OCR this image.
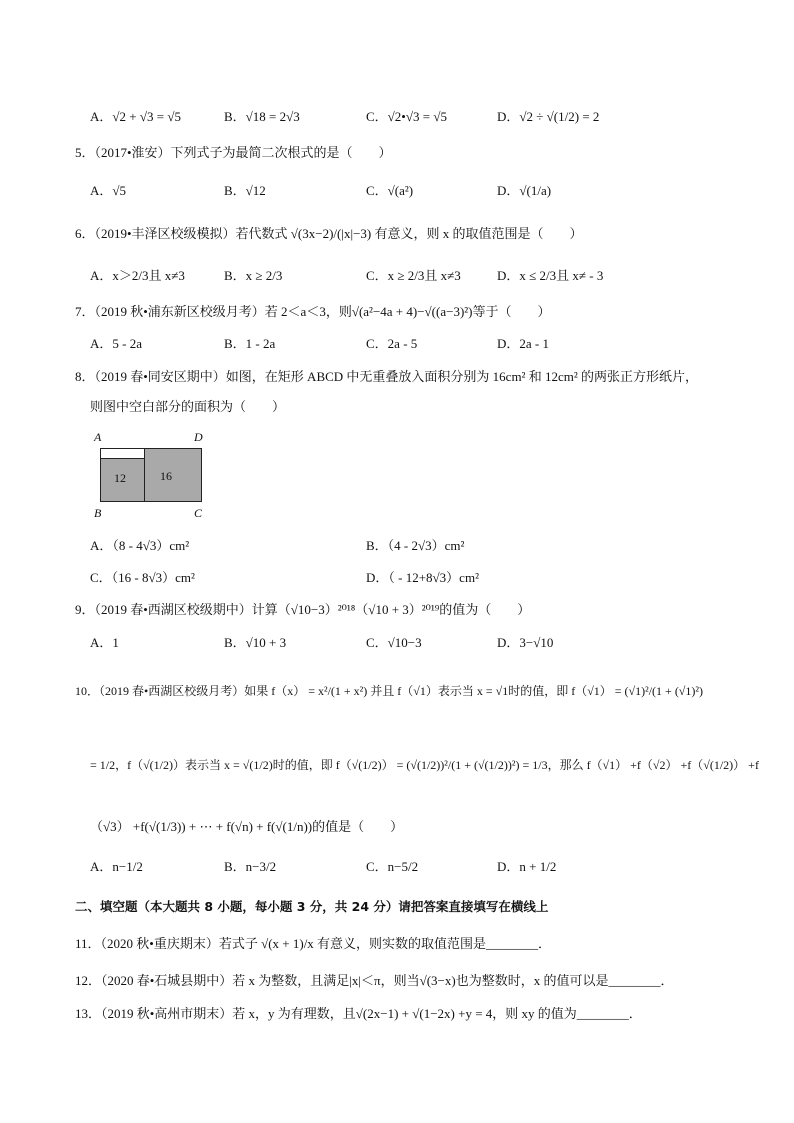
A．√2 + √3 = √5	B．√18 = 2√3	C．√2•√3 = √5	D．√2 ÷ √(1/2) = 2
5．（2017•淮安）下列式子为最简二次根式的是（　　）
A．√5	B．√12	C．√(a²)	D．√(1/a)
6．（2019•丰泽区校级模拟）若代数式 √(3x−2)/(|x|−3) 有意义，则 x 的取值范围是（　　）
A．x＞2/3且 x≠3	B．x ≥ 2/3	C．x ≥ 2/3且 x≠3	D．x ≤ 2/3且 x≠ - 3
7．（2019 秋•浦东新区校级月考）若 2＜a＜3，则√(a²−4a + 4)−√((a−3)²)等于（　　）
A．5 - 2a	B．1 - 2a	C．2a - 5	D．2a - 1
8．（2019 春•同安区期中）如图，在矩形 ABCD 中无重叠放入面积分别为 16cm² 和 12cm² 的两张正方形纸片，
则图中空白部分的面积为（　　）
A	D
12	16
B	C
A．（8 - 4√3）cm²	B．（4 - 2√3）cm²
C．（16 - 8√3）cm²	D．（ - 12+8√3）cm²
9．（2019 春•西湖区校级期中）计算（√10−3）²⁰¹⁸（√10 + 3）²⁰¹⁹的值为（　　）
A．1	B．√10 + 3	C．√10−3	D．3−√10
10．（2019 春•西湖区校级月考）如果 f（x） = x²/(1 + x²) 并且 f（√1）表示当 x = √1时的值，即 f（√1） = (√1)²/(1 + (√1)²)
= 1/2，f（√(1/2)）表示当 x = √(1/2)时的值，即 f（√(1/2)） = (√(1/2))²/(1 + (√(1/2))²) = 1/3，那么 f（√1） +f（√2） +f（√(1/2)） +f
（√3） +f(√(1/3)) + ⋯ + f(√n) + f(√(1/n))的值是（　　）
A．n−1/2	B．n−3/2	C．n−5/2	D．n + 1/2
二、填空题（本大题共 8 小题，每小题 3 分，共 24 分）请把答案直接填写在横线上
11．（2020 秋•重庆期末）若式子 √(x + 1)/x 有意义，则实数的取值范围是________．
12．（2020 春•石城县期中）若 x 为整数，且满足|x|＜π，则当√(3−x)也为整数时，x 的值可以是________．
13．（2019 秋•高州市期末）若 x，y 为有理数，且√(2x−1) + √(1−2x) +y = 4，则 xy 的值为________．
